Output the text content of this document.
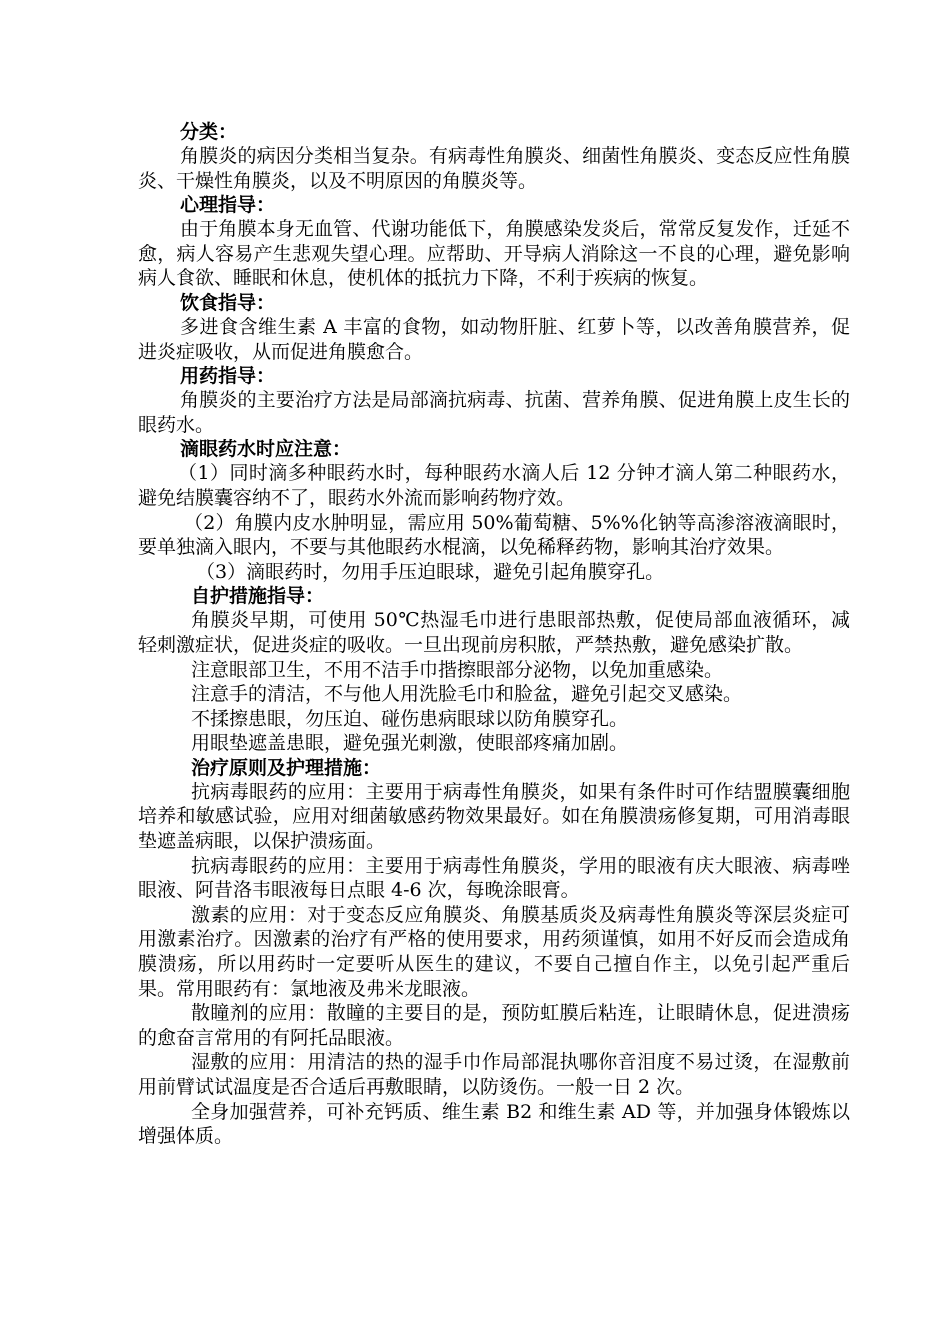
分类：

角膜炎的病因分类相当复杂。有病毒性角膜炎、细菌性角膜炎、变态反应性角膜炎、干燥性角膜炎，以及不明原因的角膜炎等。

心理指导：

由于角膜本身无血管、代谢功能低下，角膜感染发炎后，常常反复发作，迁延不愈，病人容易产生悲观失望心理。应帮助、开导病人消除这一不良的心理，避免影响病人食欲、睡眠和休息，使机体的抵抗力下降，不利于疾病的恢复。

饮食指导：

多进食含维生素 A 丰富的食物，如动物肝脏、红萝卜等，以改善角膜营养，促进炎症吸收，从而促进角膜愈合。

用药指导：

角膜炎的主要治疗方法是局部滴抗病毒、抗菌、营养角膜、促进角膜上皮生长的眼药水。

滴眼药水时应注意：

（1）同时滴多种眼药水时，每种眼药水滴人后 12 分钟才滴人第二种眼药水，避免结膜囊容纳不了，眼药水外流而影响药物疗效。

（2）角膜内皮水肿明显，需应用 50%葡萄糖、5%%化钠等高渗溶液滴眼时，要单独滴入眼内，不要与其他眼药水棍滴，以免稀释药物，影响其治疗效果。

（3）滴眼药时，勿用手压迫眼球，避免引起角膜穿孔。

自护措施指导：

角膜炎早期，可使用 50℃热湿毛巾进行患眼部热敷，促使局部血液循环，减轻刺激症状，促进炎症的吸收。一旦出现前房积脓，严禁热敷，避免感染扩散。

注意眼部卫生，不用不洁手巾揩擦眼部分泌物，以免加重感染。

注意手的清洁，不与他人用洗脸毛巾和脸盆，避免引起交叉感染。

不揉擦患眼，勿压迫、碰伤患病眼球以防角膜穿孔。

用眼垫遮盖患眼，避免强光刺激，使眼部疼痛加剧。

治疗原则及护理措施：

抗病毒眼药的应用：主要用于病毒性角膜炎，如果有条件时可作结盟膜囊细胞培养和敏感试验，应用对细菌敏感药物效果最好。如在角膜溃疡修复期，可用消毒眼垫遮盖病眼，以保护溃疡面。

抗病毒眼药的应用：主要用于病毒性角膜炎，学用的眼液有庆大眼液、病毒唑眼液、阿昔洛韦眼液每日点眼 4-6 次，每晚涂眼膏。

激素的应用：对于变态反应角膜炎、角膜基质炎及病毒性角膜炎等深层炎症可用激素治疗。因激素的治疗有严格的使用要求，用药须谨慎，如用不好反而会造成角膜溃疡，所以用药时一定要听从医生的建议，不要自己擅自作主，以免引起严重后果。常用眼药有：氯地液及弗米龙眼液。

散瞳剂的应用：散瞳的主要目的是，预防虹膜后粘连，让眼睛休息，促进溃疡的愈奋言常用的有阿托品眼液。

湿敷的应用：用清洁的热的湿手巾作局部混执哪你音泪度不易过烫，在湿敷前用前臂试试温度是否合适后再敷眼睛，以防烫伤。一般一日 2 次。

全身加强营养，可补充钙质、维生素 B2 和维生素 AD 等，并加强身体锻炼以增强体质。
